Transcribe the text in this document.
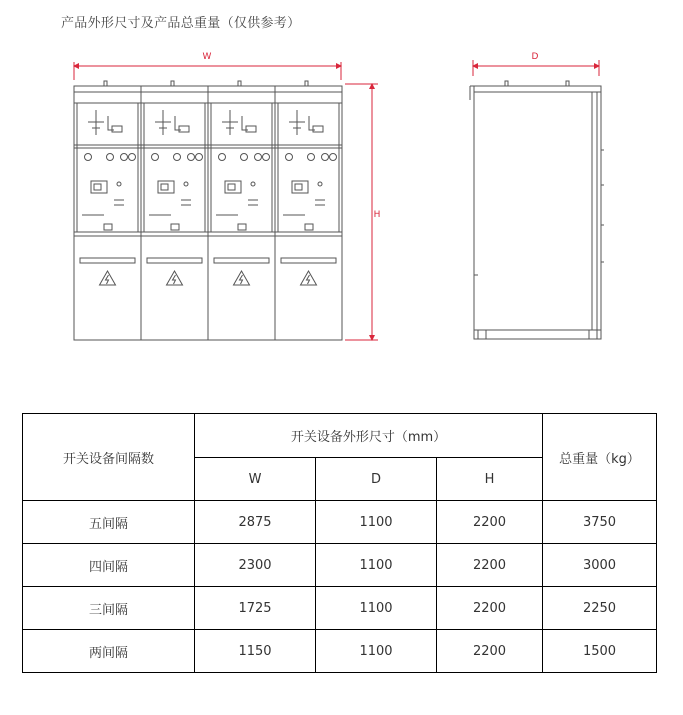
产品外形尺寸及产品总重量（仅供参考）
W
H
D
开关设备间隔数	开关设备外形尺寸（mm）			总重量（kg）
	W	D	H	
五间隔	2875	1100	2200	3750
四间隔	2300	1100	2200	3000
三间隔	1725	1100	2200	2250
两间隔	1150	1100	2200	1500
